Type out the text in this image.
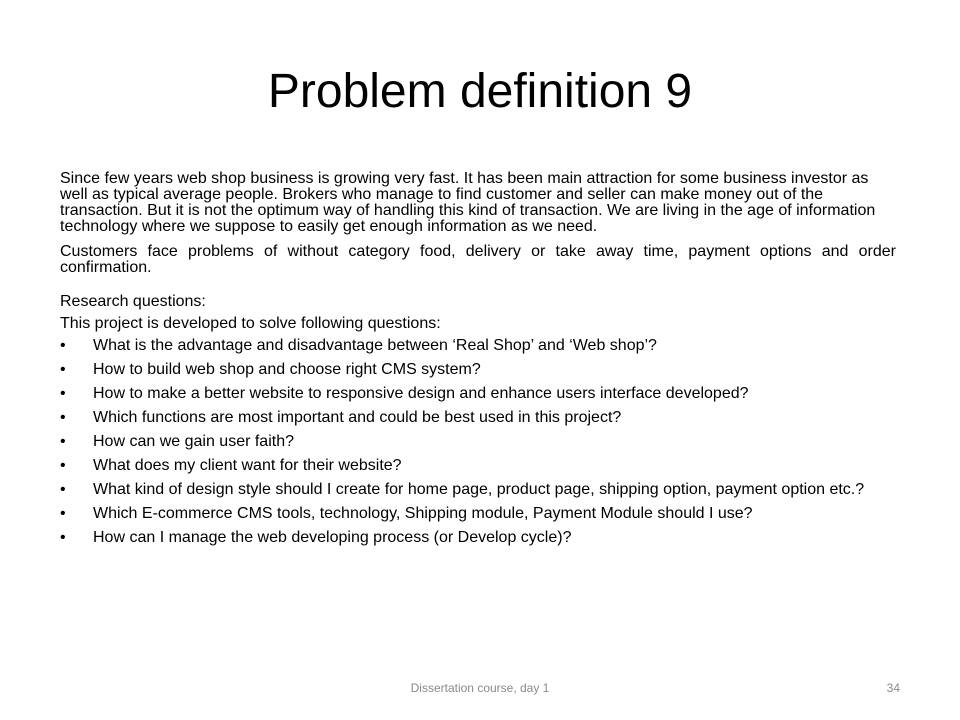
Problem definition 9

Since few years web shop business is growing very fast. It has been main attraction for some business investor as well as typical average people. Brokers who manage to find customer and seller can make money out of the transaction. But it is not the optimum way of handling this kind of transaction. We are living in the age of information technology where we suppose to easily get enough information as we need.

Customers face problems of without category food, delivery or take away time, payment options and order confirmation.

Research questions:

This project is developed to solve following questions:

•	What is the advantage and disadvantage between ‘Real Shop’ and ‘Web shop’?
•	How to build web shop and choose right CMS system?
•	How to make a better website to responsive design and enhance users interface developed?
•	Which functions are most important and could be best used in this project?
•	How can we gain user faith?
•	What does my client want for their website?
•	What kind of design style should I create for home page, product page, shipping option, payment option etc.?
•	Which E-commerce CMS tools, technology, Shipping module, Payment Module should I use?
•	How can I manage the web developing process (or Develop cycle)?
Dissertation course, day 1	34
